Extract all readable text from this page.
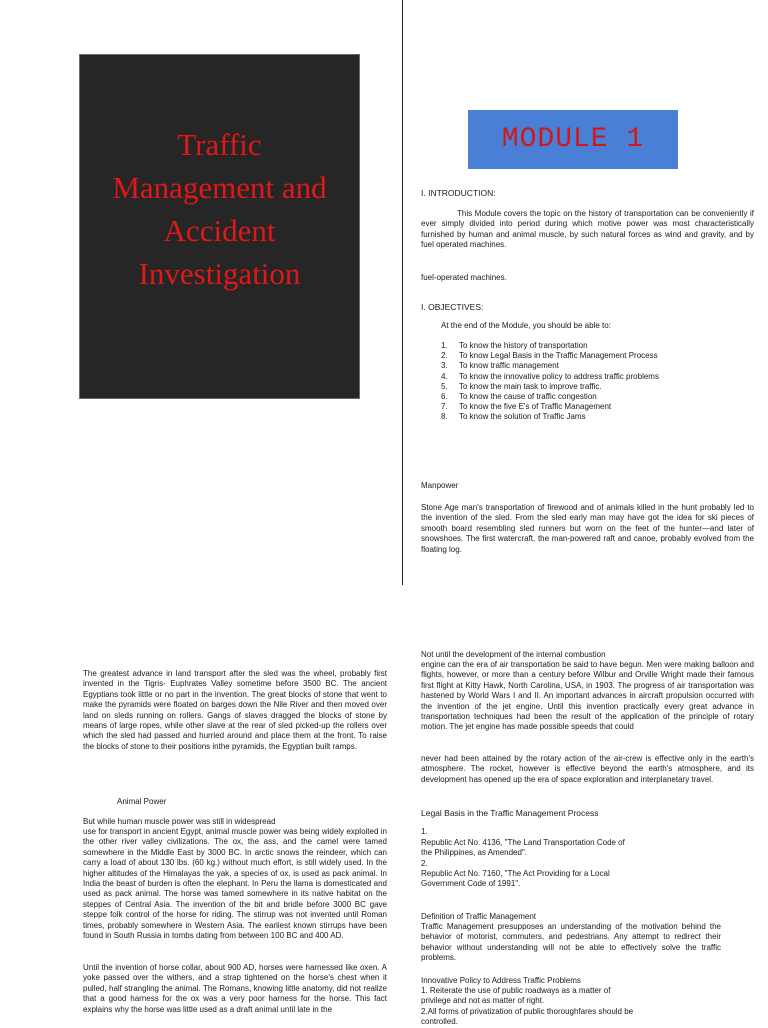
Traffic
Management and
Accident
Investigation
MODULE 1
I. INTRODUCTION:
This Module covers the topic on the history of transportation can be conveniently if ever simply divided into period during which motive power was most characteristically furnished by human and animal muscle, by such natural forces as wind and gravity, and by fuel operated machines.
fuel-operated machines.
I. OBJECTIVES:
At the end of the Module, you should be able to:
1.	To know the history of transportation
2.	To know Legal Basis in the Traffic Management Process
3.	To know traffic management
4.	To know the innovative policy to address traffic problems
5.	To know the main task to improve traffic.
6.	To know the cause of traffic congestion
7.	To know the five E's of Traffic Management
8.	To know the solution of Traffic Jams
Manpower
Stone Age man's transportation of firewood and of animals killed in the hunt probably led to the invention of the sled. From the sled early man may have got the idea for ski pieces of smooth board resembling sled runners but worn on the feet of the hunter—and later of snowshoes. The first watercraft, the man-powered raft and canoe, probably evolved from the floating log.
The greatest advance in land transport after the sled was the wheel, probably first invented in the Tigris- Euphrates Valley sometime before 3500 BC. The ancient Egyptians took little or no part in the invention. The great blocks of stone that went to make the pyramids were floated on barges down the Nile River and then moved over land on sleds running on rollers. Gangs of slaves dragged the blocks of stone by means of large ropes, while other slave at the rear of sled picked-up the rollers over which the sled had passed and hurried around and place them at the front. To raise the blocks of stone to their positions inthe pyramids, the Egyptian built ramps.
Animal Power
But while human muscle power was still in widespread
use for transport in ancient Egypt, animal muscle power was being widely exploited in the other river valley civilizations. The ox, the ass, and the camel were tamed somewhere in the Middle East by 3000 BC. In arctic snows the reindeer, which can carry a load of about 130 lbs. (60 kg.) without much effort, is still widely used. In the higher altitudes of the Himalayas the yak, a species of ox, is used as pack animal. In India the beast of burden is often the elephant. In Peru the llama is domesticated and used as pack animal. The horse was tamed somewhere in its native habitat on the steppes of Central Asia. The invention of the bit and bridle before 3000 BC gave steppe folk control of the horse for riding. The stirrup was not invented until Roman times, probably somewhere in Western Asia. The earliest known stirrups have been found in South Russia in tombs dating from between 100 BC and 400 AD.
Until the invention of horse collar, about 900 AD, horses were harnessed like oxen. A yoke passed over the withers, and a strap tightened on the horse's chest when it pulled, half strangling the animal. The Romans, knowing little anatomy, did not realize that a good harness for the ox was a very poor harness for the horse. This fact explains why the horse was little used as a draft animal until late in the
Not until the development of the internal combustion
engine can the era of air transportation be said to have begun. Men were making balloon and flights, however, or more than a century before Wilbur and Orville Wright made their famous first flight at Kitty Hawk, North Carolina, USA, in 1903. The progress of air transportation was hastened by World Wars I and II. An important advances in aircraft propulsion occurred with the invention of the jet engine. Until this invention practically every great advance in transportation techniques had been the result of the application of the principle of rotary motion. The jet engine has made possible speeds that could
never had been attained by the rotary action of the air-crew is effective only in the earth's atmosphere. The rocket, however is effective beyond the earth's atmosphere, and its development has opened up the era of space exploration and interplanetary travel.
Legal Basis in the Traffic Management Process
1.
Republic Act No. 4136, "The Land Transportation Code of the Philippines, as Amended".
2.
Republic Act No. 7160, "The Act Providing for a Local Government Code of 1991".
Definition of Traffic Management
Traffic Management presupposes an understanding of the motivation behind the behavior of motorist, commuters, and pedestrians. Any attempt to redirect their behavior without understanding will not be able to effectively solve the traffic problems.
Innovative Policy to Address Traffic Problems
1. Reiterate the use of public roadways as a matter of privilege and not as matter of right.
2.All forms of privatization of public thoroughfares should be controlled.
